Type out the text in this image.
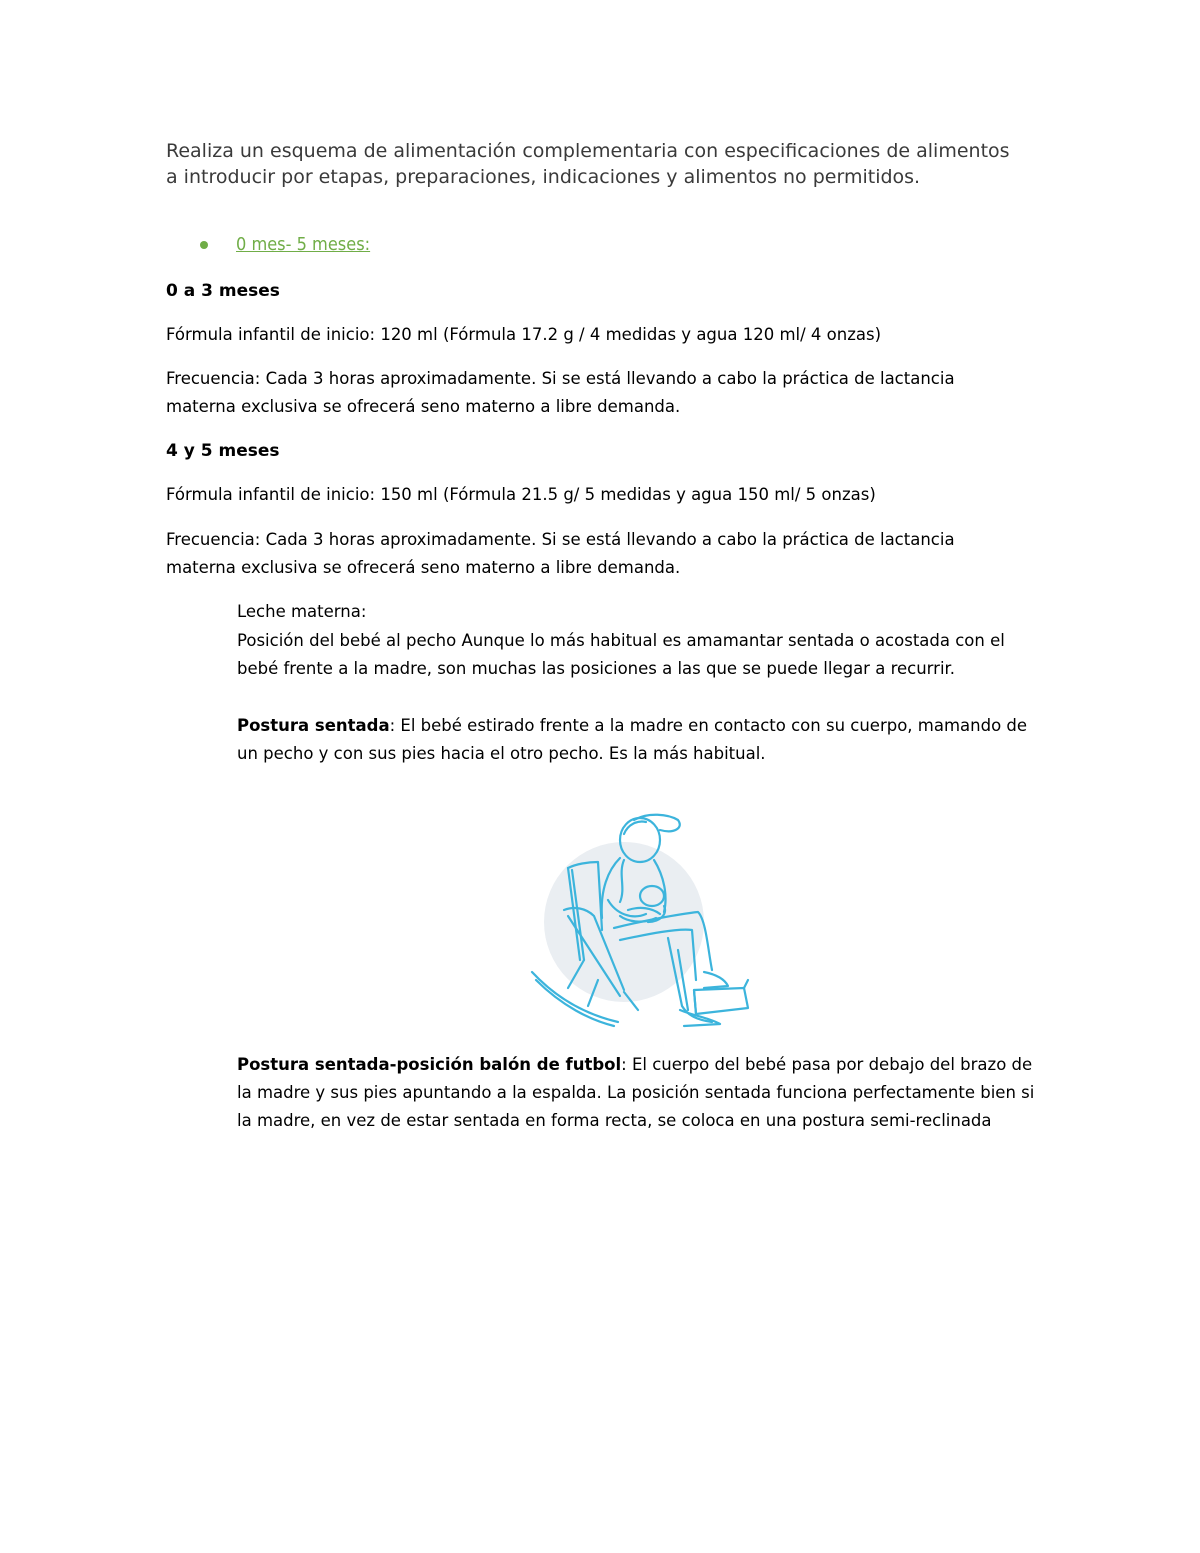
Realiza un esquema de alimentación complementaria con especificaciones de alimentos a introducir por etapas, preparaciones, indicaciones y alimentos no permitidos.

0 mes- 5 meses:

0 a 3 meses

Fórmula infantil de inicio: 120 ml (Fórmula 17.2 g / 4 medidas y agua 120 ml/ 4 onzas)

Frecuencia: Cada 3 horas aproximadamente. Si se está llevando a cabo la práctica de lactancia materna exclusiva se ofrecerá seno materno a libre demanda.

4 y 5 meses

Fórmula infantil de inicio: 150 ml (Fórmula 21.5 g/ 5 medidas y agua 150 ml/ 5 onzas)

Frecuencia: Cada 3 horas aproximadamente. Si se está llevando a cabo la práctica de lactancia materna exclusiva se ofrecerá seno materno a libre demanda.

Leche materna:

Posición del bebé al pecho Aunque lo más habitual es amamantar sentada o acostada con el bebé frente a la madre, son muchas las posiciones a las que se puede llegar a recurrir.

Postura sentada: El bebé estirado frente a la madre en contacto con su cuerpo, mamando de un pecho y con sus pies hacia el otro pecho. Es la más habitual.

Postura sentada-posición balón de futbol: El cuerpo del bebé pasa por debajo del brazo de la madre y sus pies apuntando a la espalda. La posición sentada funciona perfectamente bien si la madre, en vez de estar sentada en forma recta, se coloca en una postura semi-reclinada
